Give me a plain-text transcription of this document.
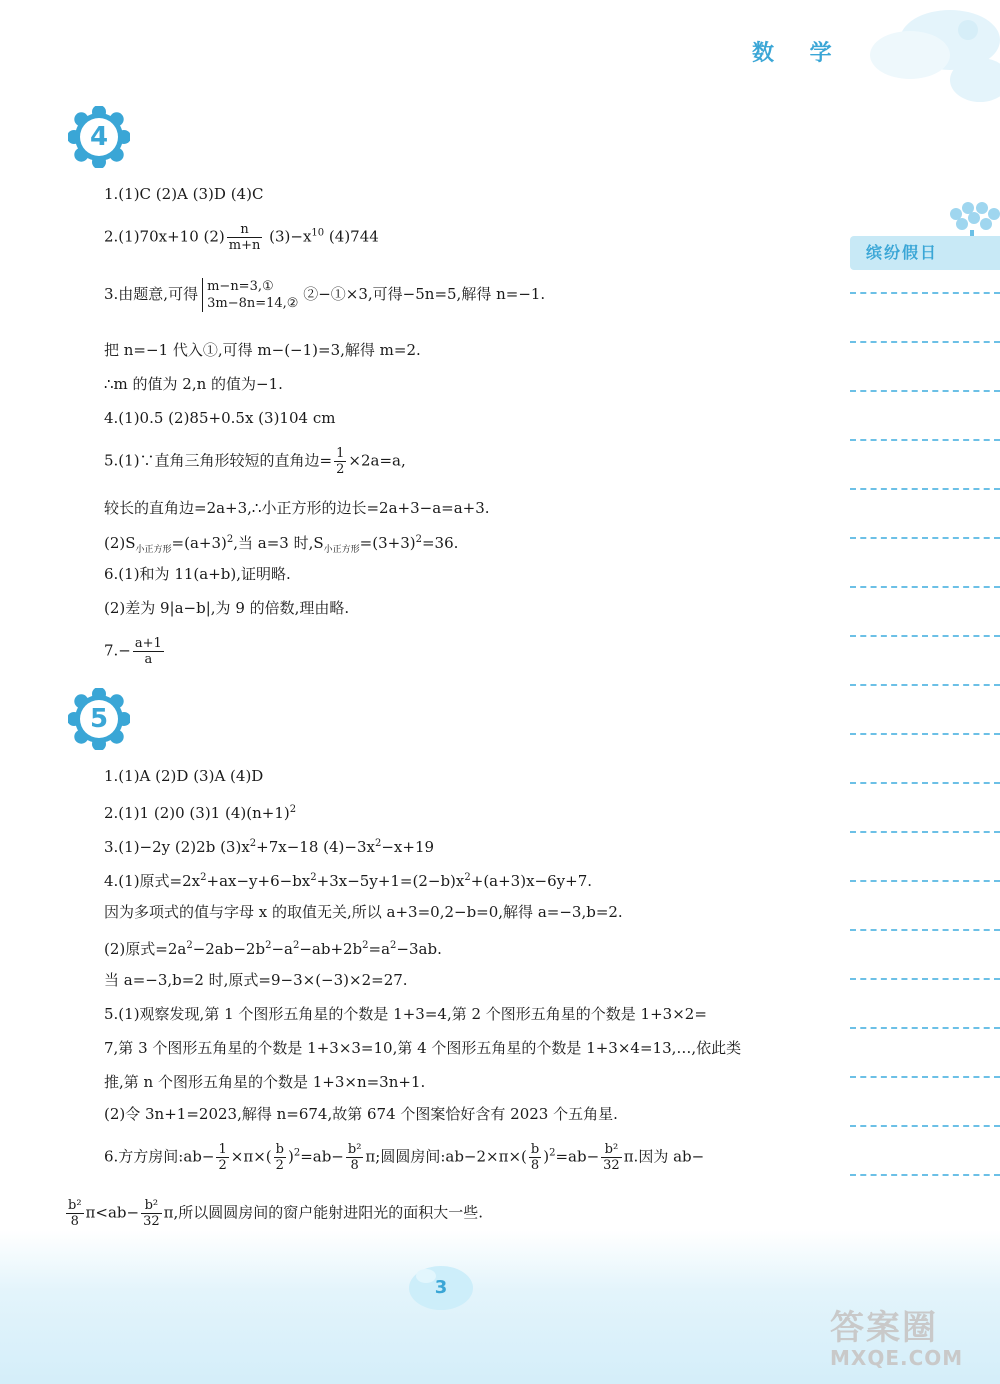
数 学
4
1.(1)C (2)A (3)D (4)C
2.(1)70x+10 $(2) \frac{n}{m+n} (3)-x^{10}$ (4)744
3.由题意,可得 m−n=3,①
3m−8n=14,②
②−①×3,可得−5n=5,解得 n=−1.
把 n=−1 代入①,可得 m−(−1)=3,解得 m=2.
∴m 的值为 2,n 的值为−1.
4.(1)0.5 (2)85+0.5x (3)104 cm
5.(1)∵直角三角形较短的直角边= $\frac{1}{2} \times 2a=a$,
较长的直角边=2a+3,∴小正方形的边长=2a+3−a=a+3.
$(2)S_{小正方形}=(a+3)^2$,当 a=3 时$,S_{小正方形}=(3+3)^2=36$.
6.(1)和为 11(a+b),证明略.
(2)差为 9|a−b|,为 9 的倍数,理由略.
$7.- \frac{a+1}{a}$
5
1.(1)A (2)D (3)A (4)D
2.(1)1 (2)0 (3)1 $(4)(n+1)^2$
3.(1)−2y (2)2b $(3)x^2+7x-18$ $(4)-3x^2-x+19$
4.(1)原式$=2x^2+ax-y+6-bx^2+3x-5y+1=(2-b)x^2+(a+3)x-6y+7$.
因为多项式的值与字母 x 的取值无关,所以 a+3=0,2−b=0,解得 a=−3,b=2.
(2)原式$=2a^2-2ab-2b^2-a^2-ab+2b^2=a^2-3ab$.
当 a=−3,b=2 时,原式=9−3×(−3)×2=27.
5.(1)观察发现,第 1 个图形五角星的个数是 1+3=4,第 2 个图形五角星的个数是 1+3×2=
7,第 3 个图形五角星的个数是 1+3×3=10,第 4 个图形五角星的个数是 1+3×4=13,…,依此类
推,第 n 个图形五角星的个数是 1+3×n=3n+1.
(2)令 3n+1=2023,解得 n=674,故第 674 个图案恰好含有 2023 个五角星.
6.方方房间:ab− $\frac{1}{2} \times\pi\times( \frac{b}{2} )^2=ab- \frac{\text{b²}}{8} \pi$;圆圆房间:ab−2×π×( $\frac{b}{8} )^2=ab- \frac{\text{b²}}{32} \pi$.因为 ab−
$\frac{\text{b²}}{8} \pi<ab- \frac{\text{b²}}{32} \pi$,所以圆圆房间的窗户能射进阳光的面积大一些.
缤纷假日
3
答案圈
MXQE.COM
